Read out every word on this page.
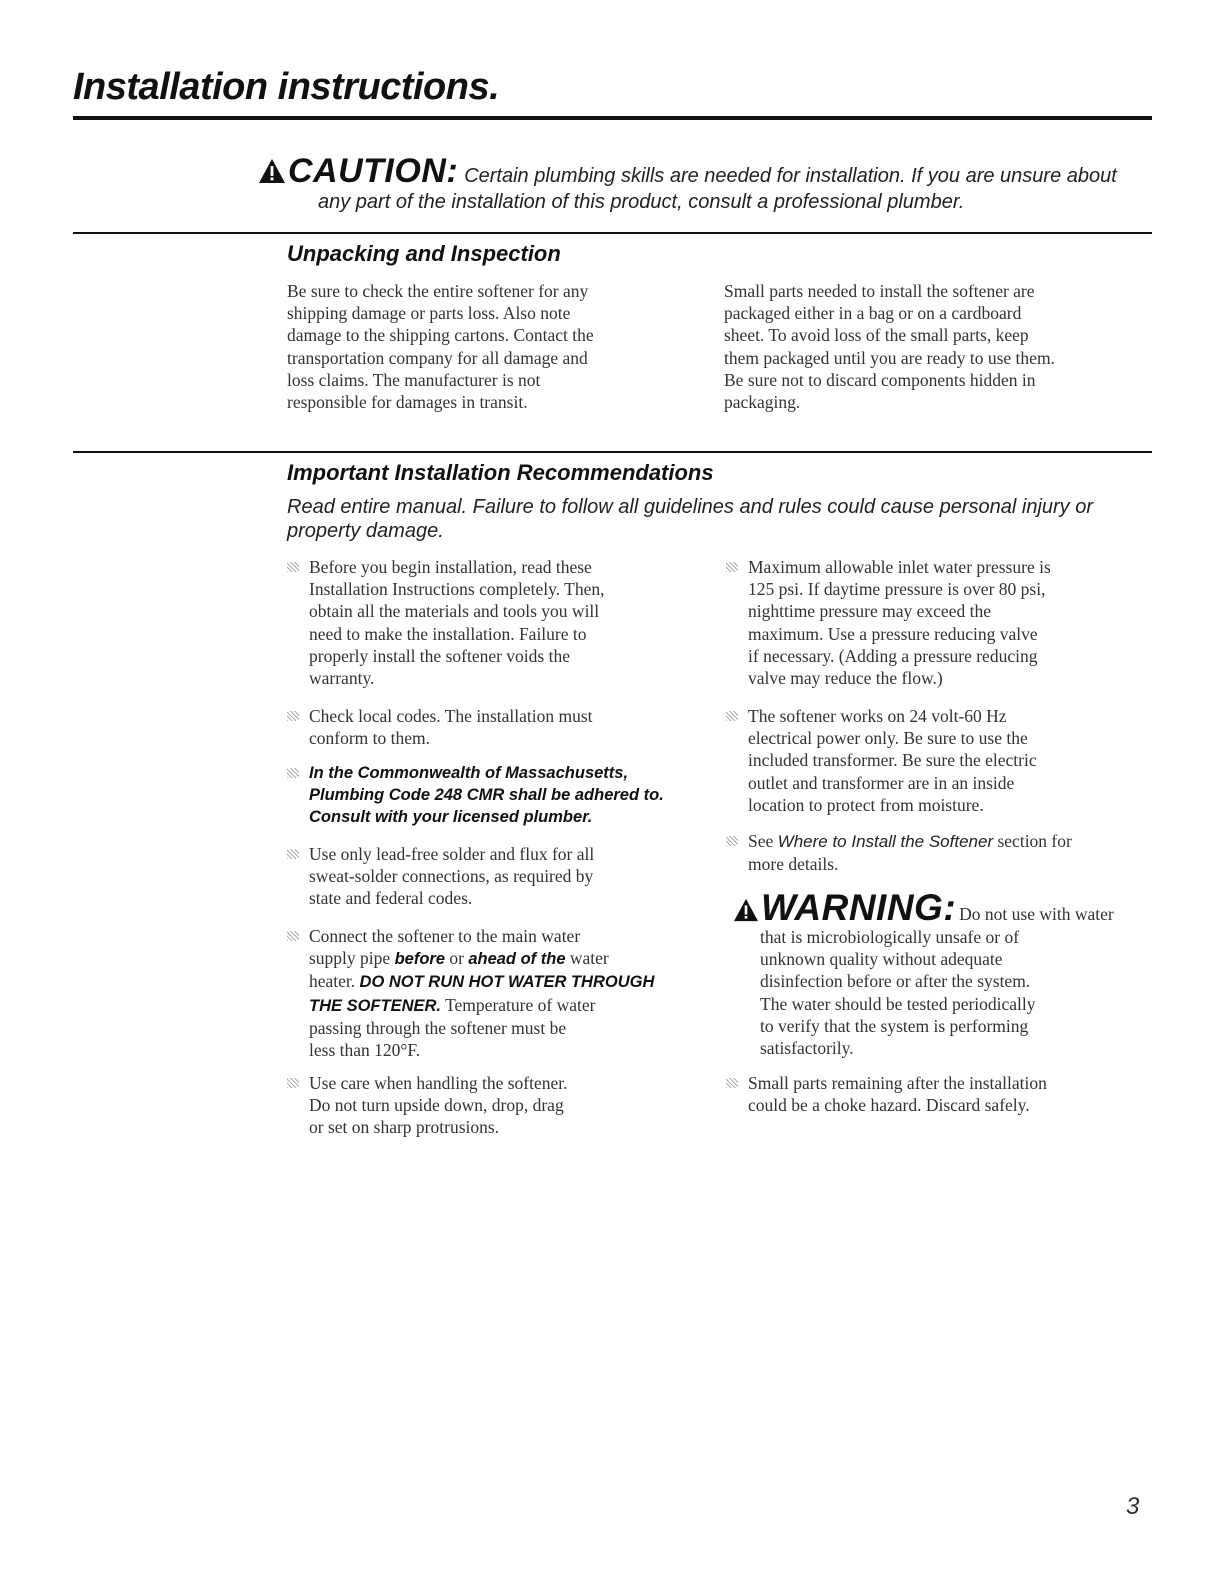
Installation instructions.
CAUTION: Certain plumbing skills are needed for installation. If you are unsure about
any part of the installation of this product, consult a professional plumber.
Unpacking and Inspection
Be sure to check the entire softener for any
shipping damage or parts loss. Also note
damage to the shipping cartons. Contact the
transportation company for all damage and
loss claims. The manufacturer is not
responsible for damages in transit.
Small parts needed to install the softener are
packaged either in a bag or on a cardboard
sheet. To avoid loss of the small parts, keep
them packaged until you are ready to use them.
Be sure not to discard components hidden in
packaging.
Important Installation Recommendations
Read entire manual. Failure to follow all guidelines and rules could cause personal injury or
property damage.
Before you begin installation, read these
Installation Instructions completely. Then,
obtain all the materials and tools you will
need to make the installation. Failure to
properly install the softener voids the
warranty.
Check local codes. The installation must
conform to them.
In the Commonwealth of Massachusetts,
Plumbing Code 248 CMR shall be adhered to.
Consult with your licensed plumber.
Use only lead-free solder and flux for all
sweat-solder connections, as required by
state and federal codes.
Connect the softener to the main water
supply pipe before or ahead of the water
heater. DO NOT RUN HOT WATER THROUGH
THE SOFTENER. Temperature of water
passing through the softener must be
less than 120°F.
Use care when handling the softener.
Do not turn upside down, drop, drag
or set on sharp protrusions.
Maximum allowable inlet water pressure is
125 psi. If daytime pressure is over 80 psi,
nighttime pressure may exceed the
maximum. Use a pressure reducing valve
if necessary. (Adding a pressure reducing
valve may reduce the flow.)
The softener works on 24 volt-60 Hz
electrical power only. Be sure to use the
included transformer. Be sure the electric
outlet and transformer are in an inside
location to protect from moisture.
See Where to Install the Softener section for
more details.
WARNING: Do not use with water
that is microbiologically unsafe or of
unknown quality without adequate
disinfection before or after the system.
The water should be tested periodically
to verify that the system is performing
satisfactorily.
Small parts remaining after the installation
could be a choke hazard. Discard safely.
3
